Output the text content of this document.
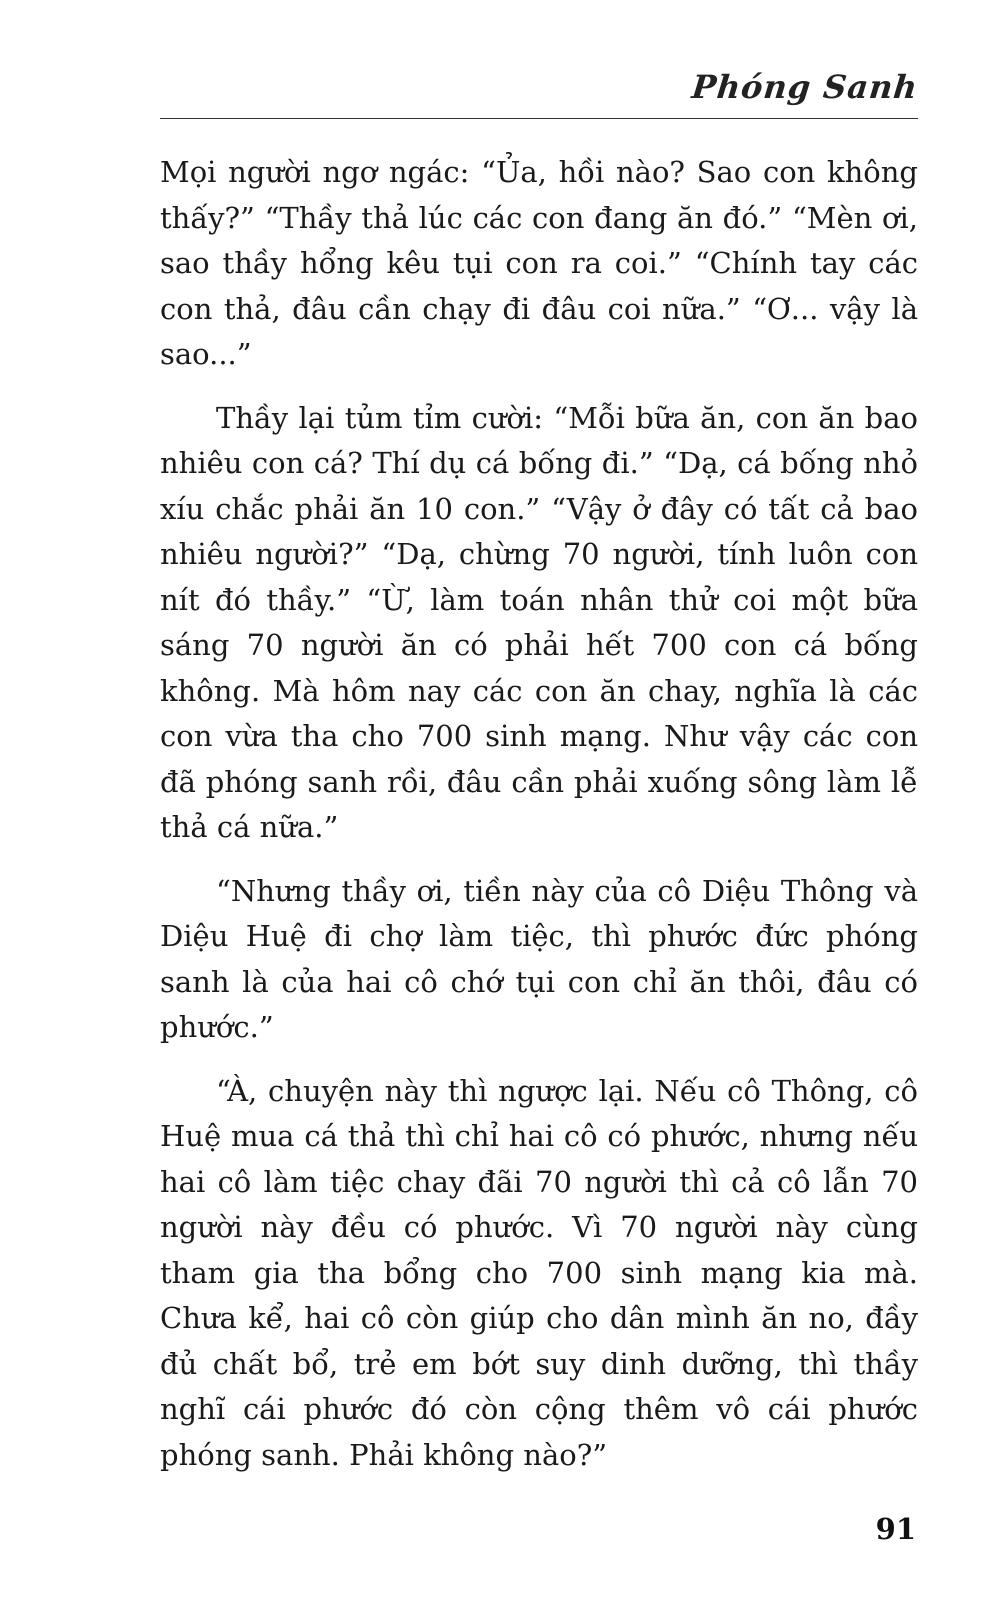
Phóng Sanh

Mọi người ngơ ngác: “Ủa, hồi nào? Sao con không thấy?” “Thầy thả lúc các con đang ăn đó.” “Mèn ơi, sao thầy hổng kêu tụi con ra coi.” “Chính tay các con thả, đâu cần chạy đi đâu coi nữa.” “Ơ... vậy là sao...”

Thầy lại tủm tỉm cười: “Mỗi bữa ăn, con ăn bao nhiêu con cá? Thí dụ cá bống đi.” “Dạ, cá bống nhỏ xíu chắc phải ăn 10 con.” “Vậy ở đây có tất cả bao nhiêu người?” “Dạ, chừng 70 người, tính luôn con nít đó thầy.” “Ừ, làm toán nhân thử coi một bữa sáng 70 người ăn có phải hết 700 con cá bống không. Mà hôm nay các con ăn chay, nghĩa là các con vừa tha cho 700 sinh mạng. Như vậy các con đã phóng sanh rồi, đâu cần phải xuống sông làm lễ thả cá nữa.”

“Nhưng thầy ơi, tiền này của cô Diệu Thông và Diệu Huệ đi chợ làm tiệc, thì phước đức phóng sanh là của hai cô chớ tụi con chỉ ăn thôi, đâu có phước.”

“À, chuyện này thì ngược lại. Nếu cô Thông, cô Huệ mua cá thả thì chỉ hai cô có phước, nhưng nếu hai cô làm tiệc chay đãi 70 người thì cả cô lẫn 70 người này đều có phước. Vì 70 người này cùng tham gia tha bổng cho 700 sinh mạng kia mà. Chưa kể, hai cô còn giúp cho dân mình ăn no, đầy đủ chất bổ, trẻ em bớt suy dinh dưỡng, thì thầy nghĩ cái phước đó còn cộng thêm vô cái phước phóng sanh. Phải không nào?”

91
